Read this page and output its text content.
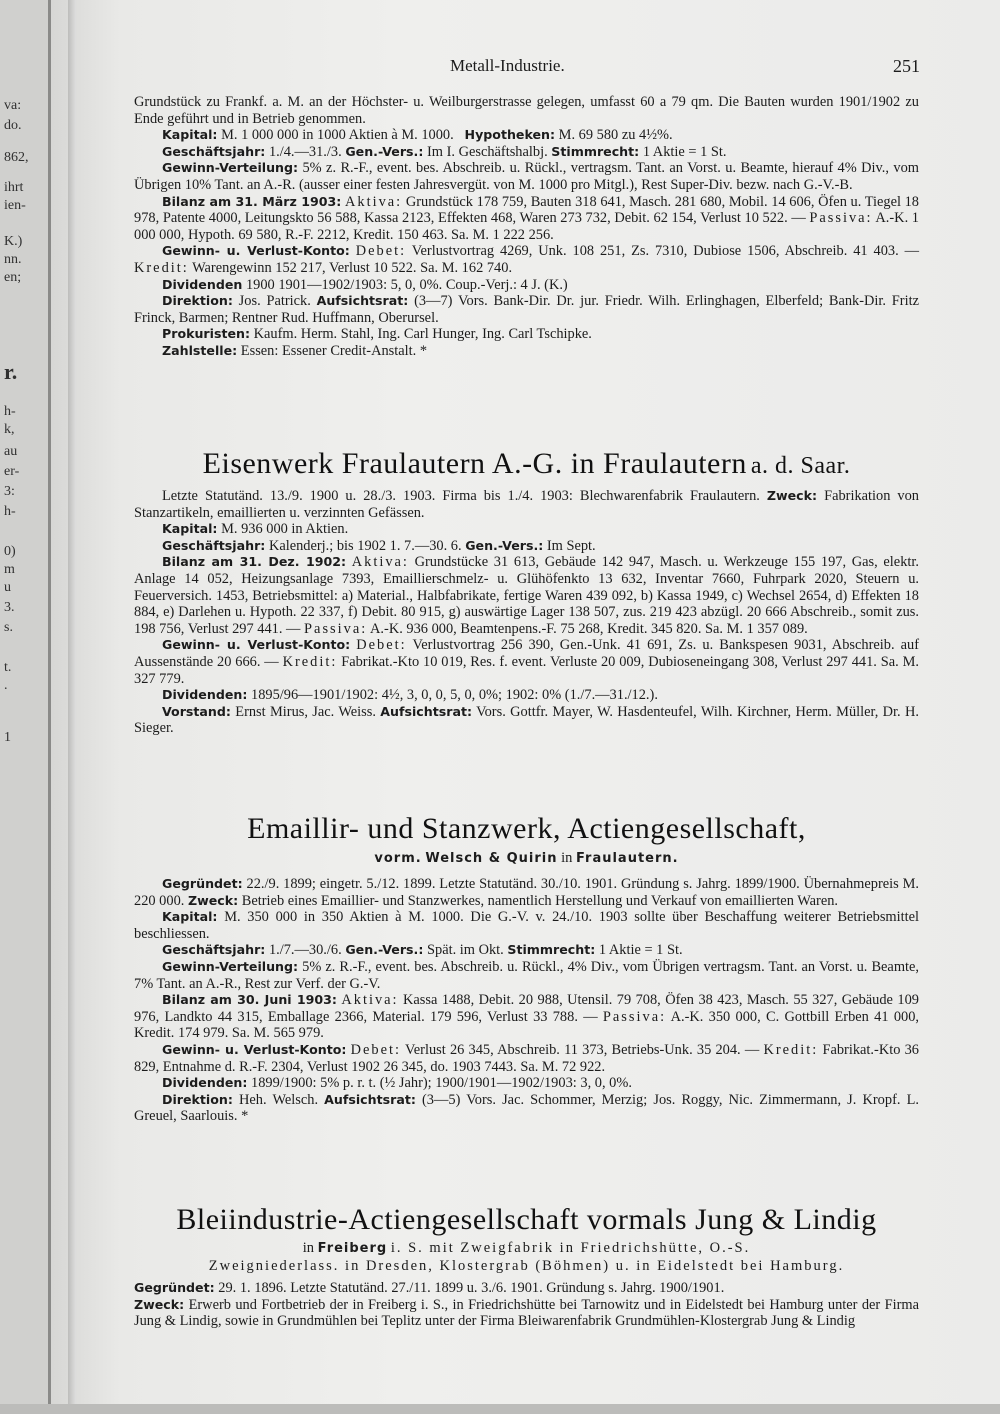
va:
do.
862,
ihrt
ien-
K.)
nn.
en;
r.
h-
k,
au
er-
3:
h-
0)
m
u
3.
s.
t.
.
1
Metall-Industrie.	251

Grundstück zu Frankf. a. M. an der Höchster- u. Weilburgerstrasse gelegen, umfasst 60 a 79 qm. Die Bauten wurden 1901/1902 zu Ende geführt und in Betrieb genommen.

Kapital: M. 1 000 000 in 1000 Aktien à M. 1000. Hypotheken: M. 69 580 zu 4½%.

Geschäftsjahr: 1./4.—31./3. Gen.-Vers.: Im I. Geschäftshalbj. Stimmrecht: 1 Aktie = 1 St.

Gewinn-Verteilung: 5% z. R.-F., event. bes. Abschreib. u. Rückl., vertragsm. Tant. an Vorst. u. Beamte, hierauf 4% Div., vom Übrigen 10% Tant. an A.-R. (ausser einer festen Jahresvergüt. von M. 1000 pro Mitgl.), Rest Super-Div. bezw. nach G.-V.-B.

Bilanz am 31. März 1903: Aktiva: Grundstück 178 759, Bauten 318 641, Masch. 281 680, Mobil. 14 606, Öfen u. Tiegel 18 978, Patente 4000, Leitungskto 56 588, Kassa 2123, Effekten 468, Waren 273 732, Debit. 62 154, Verlust 10 522. — Passiva: A.-K. 1 000 000, Hypoth. 69 580, R.-F. 2212, Kredit. 150 463. Sa. M. 1 222 256.

Gewinn- u. Verlust-Konto: Debet: Verlustvortrag 4269, Unk. 108 251, Zs. 7310, Dubiose 1506, Abschreib. 41 403. — Kredit: Warengewinn 152 217, Verlust 10 522. Sa. M. 162 740.

Dividenden 1900 1901—1902/1903: 5, 0, 0%. Coup.-Verj.: 4 J. (K.)

Direktion: Jos. Patrick. Aufsichtsrat: (3—7) Vors. Bank-Dir. Dr. jur. Friedr. Wilh. Erlinghagen, Elberfeld; Bank-Dir. Fritz Frinck, Barmen; Rentner Rud. Huffmann, Oberursel.

Prokuristen: Kaufm. Herm. Stahl, Ing. Carl Hunger, Ing. Carl Tschipke.

Zahlstelle: Essen: Essener Credit-Anstalt. *

Eisenwerk Fraulautern A.-G. in Fraulautern a. d. Saar.

Letzte Statutänd. 13./9. 1900 u. 28./3. 1903. Firma bis 1./4. 1903: Blechwarenfabrik Fraulautern. Zweck: Fabrikation von Stanzartikeln, emaillierten u. verzinnten Gefässen.

Kapital: M. 936 000 in Aktien.

Geschäftsjahr: Kalenderj.; bis 1902 1. 7.—30. 6. Gen.-Vers.: Im Sept.

Bilanz am 31. Dez. 1902: Aktiva: Grundstücke 31 613, Gebäude 142 947, Masch. u. Werkzeuge 155 197, Gas, elektr. Anlage 14 052, Heizungsanlage 7393, Emaillierschmelz- u. Glühöfenkto 13 632, Inventar 7660, Fuhrpark 2020, Steuern u. Feuerversich. 1453, Betriebsmittel: a) Material., Halbfabrikate, fertige Waren 439 092, b) Kassa 1949, c) Wechsel 2654, d) Effekten 18 884, e) Darlehen u. Hypoth. 22 337, f) Debit. 80 915, g) auswärtige Lager 138 507, zus. 219 423 abzügl. 20 666 Abschreib., somit zus. 198 756, Verlust 297 441. — Passiva: A.-K. 936 000, Beamtenpens.-F. 75 268, Kredit. 345 820. Sa. M. 1 357 089.

Gewinn- u. Verlust-Konto: Debet: Verlustvortrag 256 390, Gen.-Unk. 41 691, Zs. u. Bankspesen 9031, Abschreib. auf Aussenstände 20 666. — Kredit: Fabrikat.-Kto 10 019, Res. f. event. Verluste 20 009, Dubioseneingang 308, Verlust 297 441. Sa. M. 327 779.

Dividenden: 1895/96—1901/1902: 4½, 3, 0, 0, 5, 0, 0%; 1902: 0% (1./7.—31./12.).

Vorstand: Ernst Mirus, Jac. Weiss. Aufsichtsrat: Vors. Gottfr. Mayer, W. Hasdenteufel, Wilh. Kirchner, Herm. Müller, Dr. H. Sieger.

Emaillir- und Stanzwerk, Actiengesellschaft,
vorm. Welsch & Quirin in Fraulautern.

Gegründet: 22./9. 1899; eingetr. 5./12. 1899. Letzte Statutänd. 30./10. 1901. Gründung s. Jahrg. 1899/1900. Übernahmepreis M. 220 000. Zweck: Betrieb eines Emaillier- und Stanzwerkes, namentlich Herstellung und Verkauf von emaillierten Waren.

Kapital: M. 350 000 in 350 Aktien à M. 1000. Die G.-V. v. 24./10. 1903 sollte über Beschaffung weiterer Betriebsmittel beschliessen.

Geschäftsjahr: 1./7.—30./6. Gen.-Vers.: Spät. im Okt. Stimmrecht: 1 Aktie = 1 St.

Gewinn-Verteilung: 5% z. R.-F., event. bes. Abschreib. u. Rückl., 4% Div., vom Übrigen vertragsm. Tant. an Vorst. u. Beamte, 7% Tant. an A.-R., Rest zur Verf. der G.-V.

Bilanz am 30. Juni 1903: Aktiva: Kassa 1488, Debit. 20 988, Utensil. 79 708, Öfen 38 423, Masch. 55 327, Gebäude 109 976, Landkto 44 315, Emballage 2366, Material. 179 596, Verlust 33 788. — Passiva: A.-K. 350 000, C. Gottbill Erben 41 000, Kredit. 174 979. Sa. M. 565 979.

Gewinn- u. Verlust-Konto: Debet: Verlust 26 345, Abschreib. 11 373, Betriebs-Unk. 35 204. — Kredit: Fabrikat.-Kto 36 829, Entnahme d. R.-F. 2304, Verlust 1902 26 345, do. 1903 7443. Sa. M. 72 922.

Dividenden: 1899/1900: 5% p. r. t. (½ Jahr); 1900/1901—1902/1903: 3, 0, 0%.

Direktion: Heh. Welsch. Aufsichtsrat: (3—5) Vors. Jac. Schommer, Merzig; Jos. Roggy, Nic. Zimmermann, J. Kropf. L. Greuel, Saarlouis. *

Bleiindustrie-Actiengesellschaft vormals Jung & Lindig
in Freiberg i. S. mit Zweigfabrik in Friedrichshütte, O.-S.
Zweigniederlass. in Dresden, Klostergrab (Böhmen) u. in Eidelstedt bei Hamburg.

Gegründet: 29. 1. 1896. Letzte Statutänd. 27./11. 1899 u. 3./6. 1901. Gründung s. Jahrg. 1900/1901.

Zweck: Erwerb und Fortbetrieb der in Freiberg i. S., in Friedrichshütte bei Tarnowitz und in Eidelstedt bei Hamburg unter der Firma Jung & Lindig, sowie in Grundmühlen bei Teplitz unter der Firma Bleiwarenfabrik Grundmühlen-Klostergrab Jung & Lindig
